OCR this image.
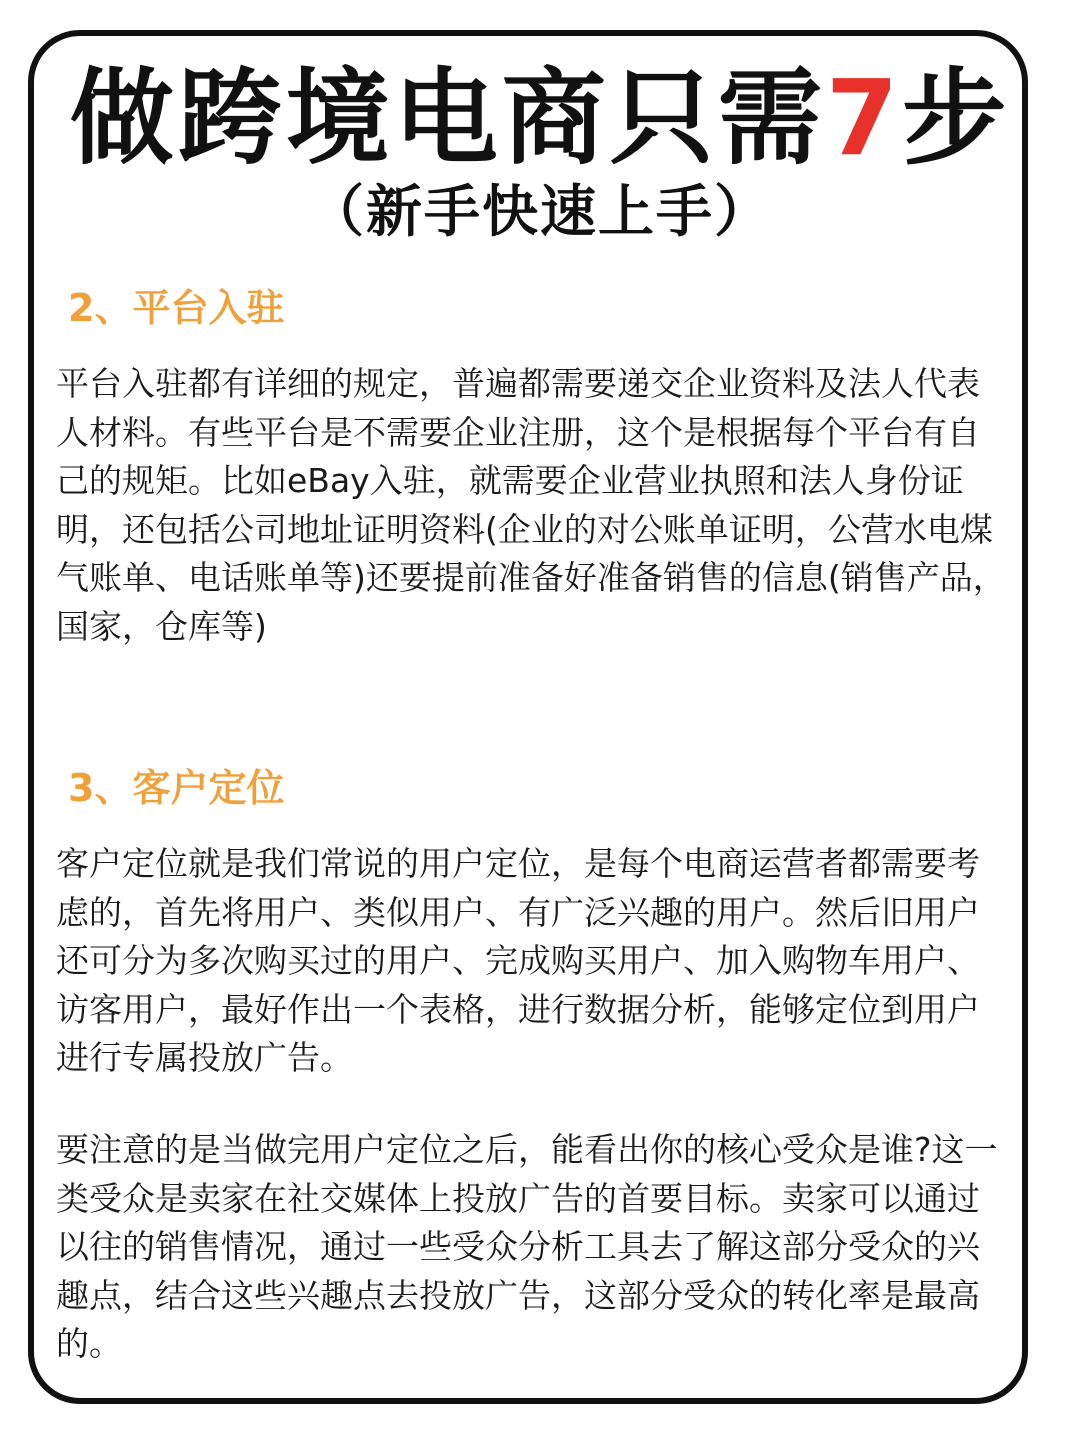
做跨境电商只需7步
（新手快速上手）
2、平台入驻

平台入驻都有详细的规定，普遍都需要递交企业资料及法人代表
人材料。有些平台是不需要企业注册，这个是根据每个平台有自
己的规矩。比如eBay入驻，就需要企业营业执照和法人身份证
明，还包括公司地址证明资料(企业的对公账单证明，公营水电煤
气账单、电话账单等)还要提前准备好准备销售的信息(销售产品，
国家，仓库等)

3、客户定位

客户定位就是我们常说的用户定位，是每个电商运营者都需要考
虑的，首先将用户、类似用户、有广泛兴趣的用户。然后旧用户
还可分为多次购买过的用户、完成购买用户、加入购物车用户、
访客用户，最好作出一个表格，进行数据分析，能够定位到用户
进行专属投放广告。

要注意的是当做完用户定位之后，能看出你的核心受众是谁?这一
类受众是卖家在社交媒体上投放广告的首要目标。卖家可以通过
以往的销售情况，通过一些受众分析工具去了解这部分受众的兴
趣点，结合这些兴趣点去投放广告，这部分受众的转化率是最高
的。
